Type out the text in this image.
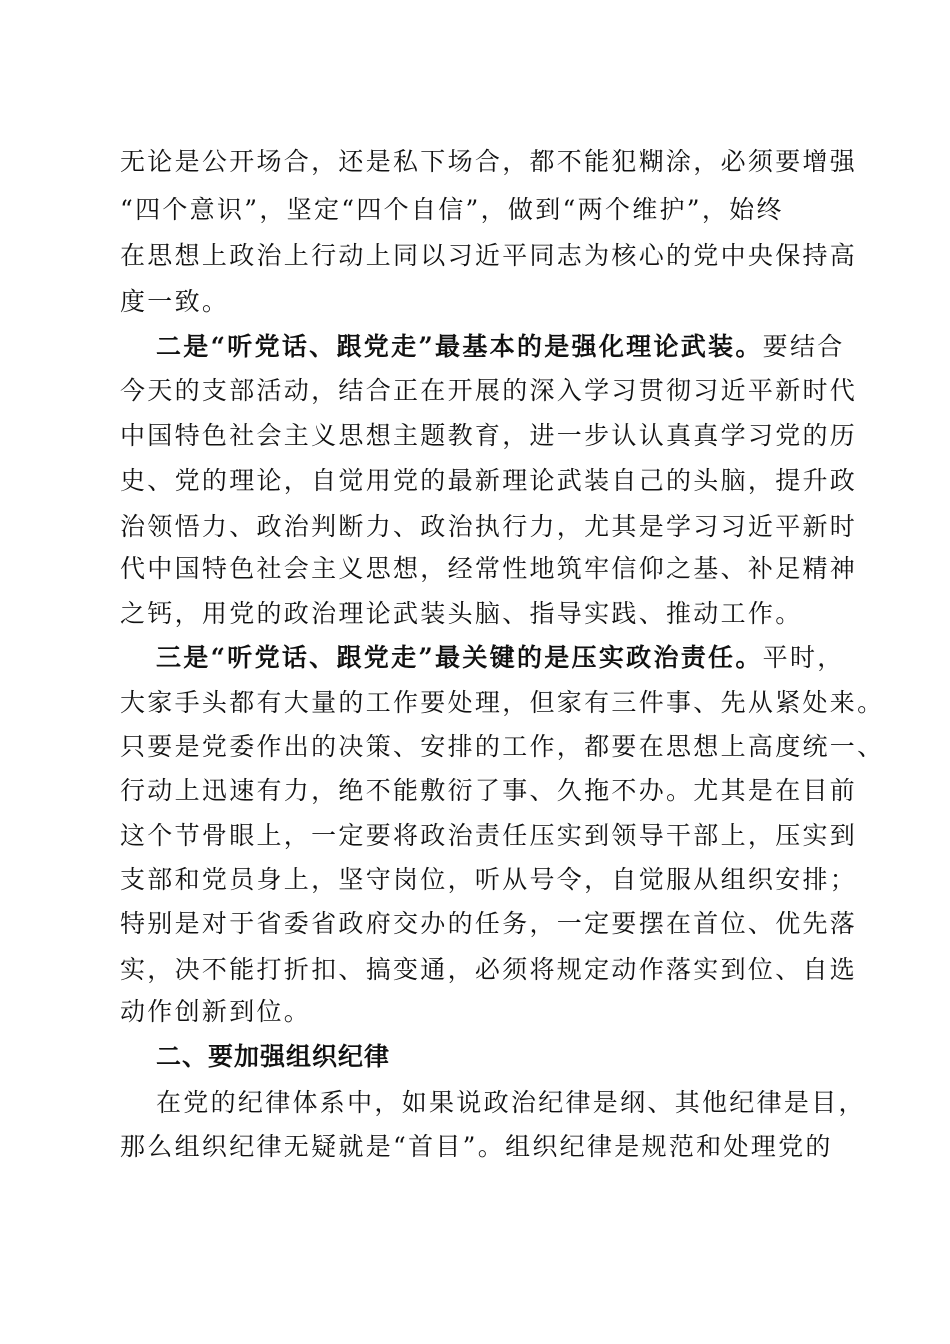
无论是公开场合，还是私下场合，都不能犯糊涂，必须要增强
“四个意识”，坚定“四个自信”，做到“两个维护”，始终
在思想上政治上行动上同以习近平同志为核心的党中央保持高
度一致。
二是“听党话、跟党走”最基本的是强化理论武装。要结合
今天的支部活动，结合正在开展的深入学习贯彻习近平新时代
中国特色社会主义思想主题教育，进一步认认真真学习党的历
史、党的理论，自觉用党的最新理论武装自己的头脑，提升政
治领悟力、政治判断力、政治执行力，尤其是学习习近平新时
代中国特色社会主义思想，经常性地筑牢信仰之基、补足精神
之钙，用党的政治理论武装头脑、指导实践、推动工作。
三是“听党话、跟党走”最关键的是压实政治责任。平时，
大家手头都有大量的工作要处理，但家有三件事、先从紧处来。
只要是党委作出的决策、安排的工作，都要在思想上高度统一、
行动上迅速有力，绝不能敷衍了事、久拖不办。尤其是在目前
这个节骨眼上，一定要将政治责任压实到领导干部上，压实到
支部和党员身上，坚守岗位，听从号令，自觉服从组织安排；
特别是对于省委省政府交办的任务，一定要摆在首位、优先落
实，决不能打折扣、搞变通，必须将规定动作落实到位、自选
动作创新到位。
二、要加强组织纪律
在党的纪律体系中，如果说政治纪律是纲、其他纪律是目，
那么组织纪律无疑就是“首目”。组织纪律是规范和处理党的
